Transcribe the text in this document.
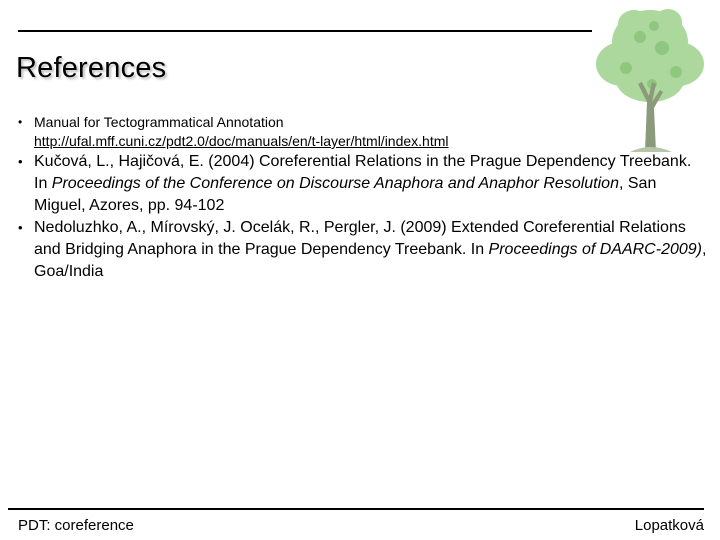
References
• Manual for Tectogrammatical Annotation
http://ufal.mff.cuni.cz/pdt2.0/doc/manuals/en/t-layer/html/index.html
• Kučová, L., Hajičová, E. (2004) Coreferential Relations in the Prague Dependency Treebank. In Proceedings of the Conference on Discourse Anaphora and Anaphor Resolution, San Miguel, Azores, pp. 94-102
• Nedoluzhko, A., Mírovský, J. Ocelák, R., Pergler, J. (2009) Extended Coreferential Relations and Bridging Anaphora in the Prague Dependency Treebank. In Proceedings of DAARC-2009), Goa/India
PDT: coreference	Lopatková
